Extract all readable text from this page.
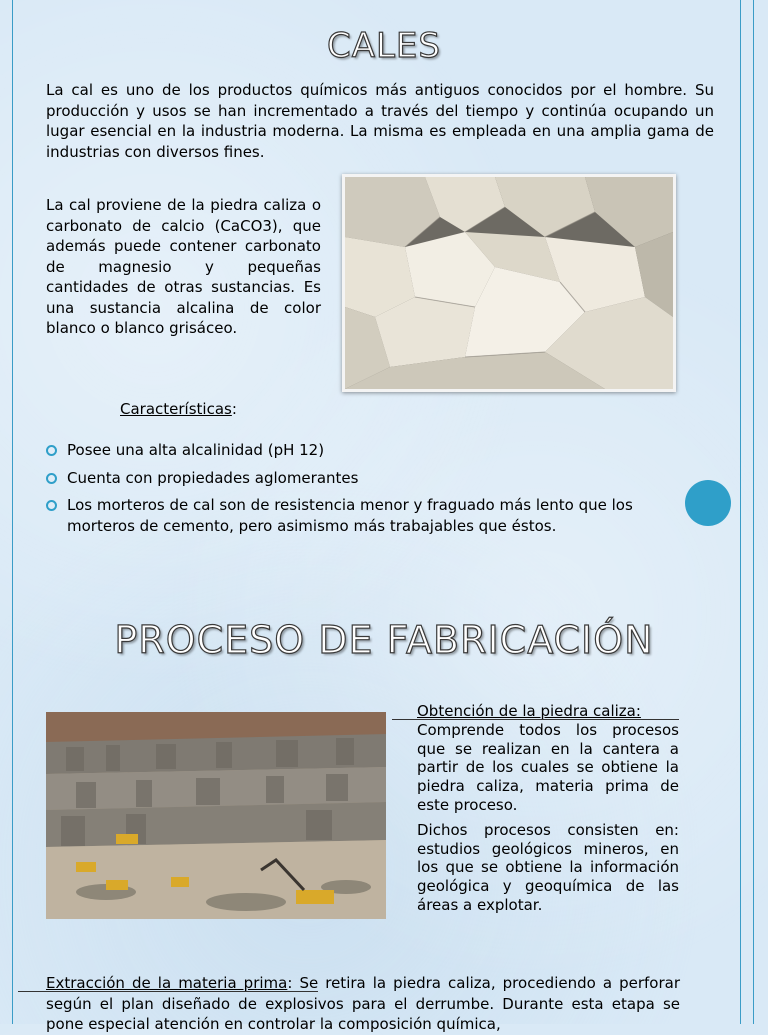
CALES

La cal es uno de los productos químicos más antiguos conocidos por el hombre. Su producción y usos se han incrementado a través del tiempo y continúa ocupando un lugar esencial en la industria moderna. La misma es empleada en una amplia gama de industrias con diversos fines.

La cal proviene de la piedra caliza o carbonato de calcio (CaCO3), que además puede contener carbonato de magnesio y pequeñas cantidades de otras sustancias. Es una sustancia alcalina de color blanco o blanco grisáceo.

Características:
Posee una alta alcalinidad (pH 12)
Cuenta con propiedades aglomerantes
Los morteros de cal son de resistencia menor y fraguado más lento que los morteros de cemento, pero asimismo más trabajables que éstos.
PROCESO DE FABRICACIÓN

Obtención de la piedra caliza:

Comprende todos los procesos que se realizan en la cantera a partir de los cuales se obtiene la piedra caliza, materia prima de este proceso.

Dichos procesos consisten en: estudios geológicos mineros, en los que se obtiene la información geológica y geoquímica de las áreas a explotar.

Extracción de la materia prima: Se retira la piedra caliza, procediendo a perforar según el plan diseñado de explosivos para el derrumbe. Durante esta etapa se pone especial atención en controlar la composición química,
